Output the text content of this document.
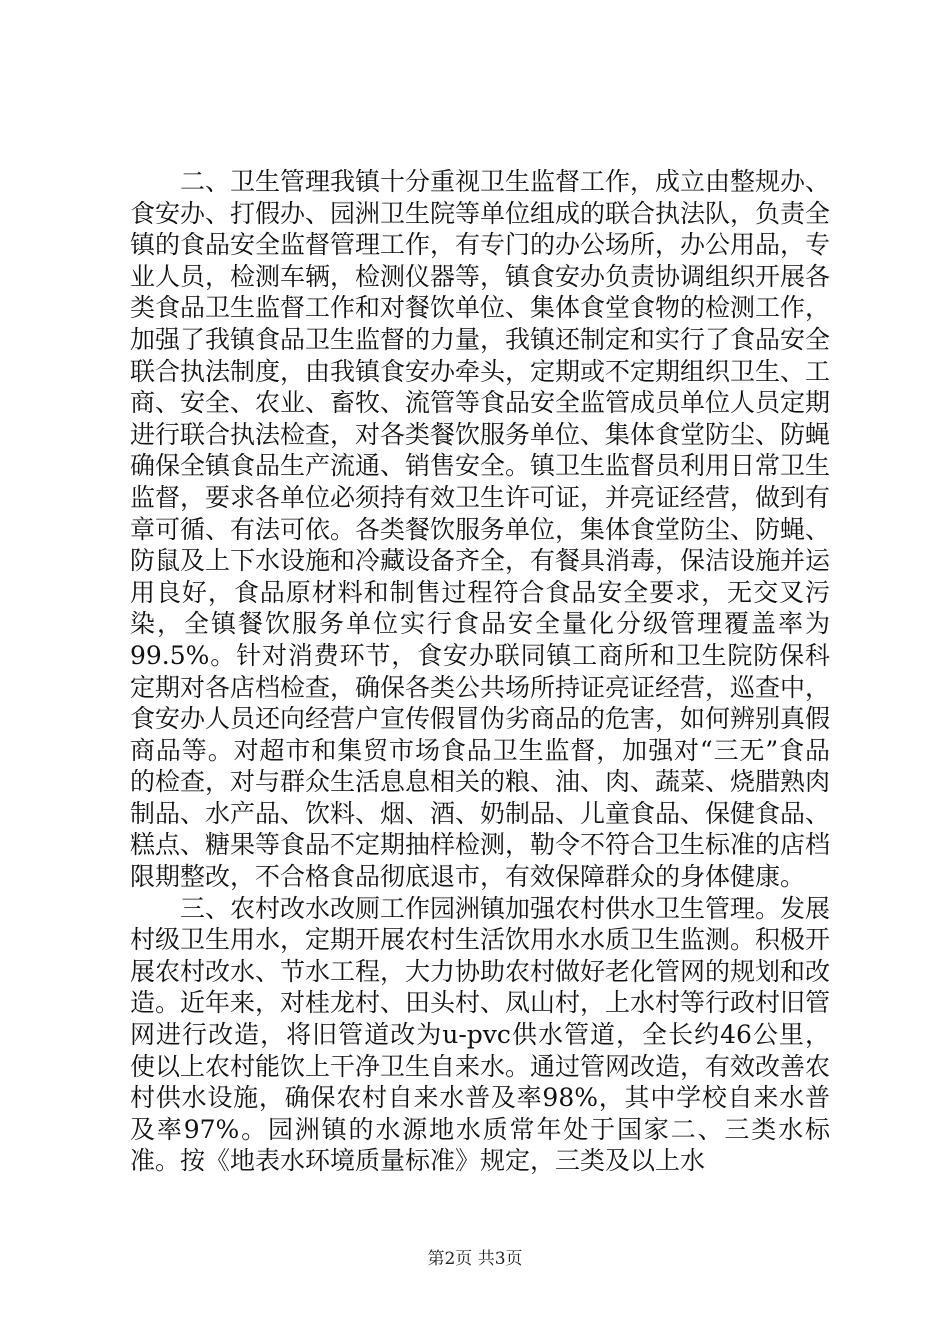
二、卫生管理我镇十分重视卫生监督工作，成立由整规办、食安办、打假办、园洲卫生院等单位组成的联合执法队，负责全镇的食品安全监督管理工作，有专门的办公场所，办公用品，专业人员，检测车辆，检测仪器等，镇食安办负责协调组织开展各类食品卫生监督工作和对餐饮单位、集体食堂食物的检测工作，加强了我镇食品卫生监督的力量，我镇还制定和实行了食品安全联合执法制度，由我镇食安办牵头，定期或不定期组织卫生、工商、安全、农业、畜牧、流管等食品安全监管成员单位人员定期进行联合执法检查，对各类餐饮服务单位、集体食堂防尘、防蝇确保全镇食品生产流通、销售安全。镇卫生监督员利用日常卫生监督，要求各单位必须持有效卫生许可证，并亮证经营，做到有章可循、有法可依。各类餐饮服务单位，集体食堂防尘、防蝇、防鼠及上下水设施和冷藏设备齐全，有餐具消毒，保洁设施并运用良好，食品原材料和制售过程符合食品安全要求，无交叉污染，全镇餐饮服务单位实行食品安全量化分级管理覆盖率为99.5%。针对消费环节，食安办联同镇工商所和卫生院防保科定期对各店档检查，确保各类公共场所持证亮证经营，巡查中，食安办人员还向经营户宣传假冒伪劣商品的危害，如何辨别真假商品等。对超市和集贸市场食品卫生监督，加强对“三无”食品的检查，对与群众生活息息相关的粮、油、肉、蔬菜、烧腊熟肉制品、水产品、饮料、烟、酒、奶制品、儿童食品、保健食品、糕点、糖果等食品不定期抽样检测，勒令不符合卫生标准的店档限期整改，不合格食品彻底退市，有效保障群众的身体健康。

三、农村改水改厕工作园洲镇加强农村供水卫生管理。发展村级卫生用水，定期开展农村生活饮用水水质卫生监测。积极开展农村改水、节水工程，大力协助农村做好老化管网的规划和改造。近年来，对桂龙村、田头村、凤山村，上水村等行政村旧管网进行改造，将旧管道改为u-pvc供水管道，全长约46公里，使以上农村能饮上干净卫生自来水。通过管网改造，有效改善农村供水设施，确保农村自来水普及率98%，其中学校自来水普及率97%。园洲镇的水源地水质常年处于国家二、三类水标准。按《地表水环境质量标准》规定，三类及以上水

第2页 共3页
